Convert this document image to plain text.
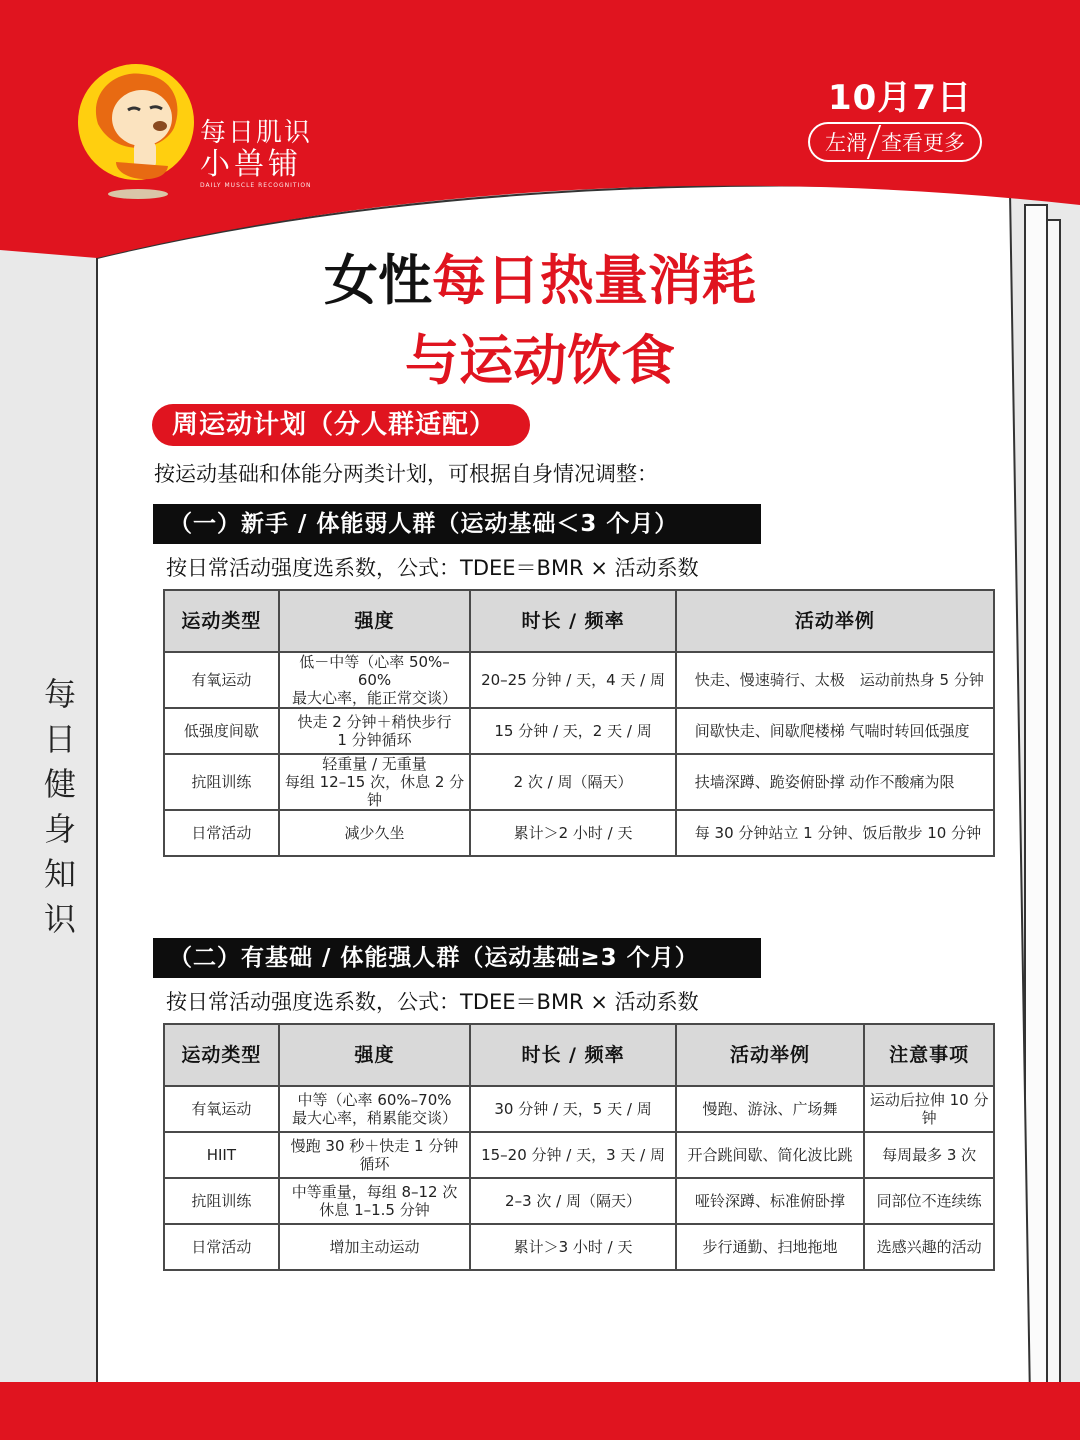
每日肌识
小兽铺
DAILY MUSCLE RECOGNITION
10月7日
左滑 查看更多
每
日
健
身
知
识
女性每日热量消耗
与运动饮食
周运动计划（分人群适配）
按运动基础和体能分两类计划，可根据自身情况调整：
（一）新手 / 体能弱人群（运动基础＜3 个月）
按日常活动强度选系数，公式：TDEE＝BMR × 活动系数
运动类型	强度	时长 / 频率	活动举例
有氧运动	低－中等（心率 50%–60%
最大心率，能正常交谈）	20–25 分钟 / 天，4 天 / 周	快走、慢速骑行、太极　运动前热身 5 分钟
低强度间歇	快走 2 分钟＋稍快步行
1 分钟循环	15 分钟 / 天，2 天 / 周	间歇快走、间歇爬楼梯 气喘时转回低强度
抗阻训练	轻重量 / 无重量
每组 12–15 次，休息 2 分钟	2 次 / 周（隔天）	扶墙深蹲、跪姿俯卧撑 动作不酸痛为限
日常活动	减少久坐	累计＞2 小时 / 天	每 30 分钟站立 1 分钟、饭后散步 10 分钟
（二）有基础 / 体能强人群（运动基础≥3 个月）
按日常活动强度选系数，公式：TDEE＝BMR × 活动系数
运动类型	强度	时长 / 频率	活动举例	注意事项
有氧运动	中等（心率 60%–70%
最大心率，稍累能交谈）	30 分钟 / 天，5 天 / 周	慢跑、游泳、广场舞	运动后拉伸 10 分钟
HIIT	慢跑 30 秒＋快走 1 分钟
循环	15–20 分钟 / 天，3 天 / 周	开合跳间歇、简化波比跳	每周最多 3 次
抗阻训练	中等重量，每组 8–12 次
休息 1–1.5 分钟	2–3 次 / 周（隔天）	哑铃深蹲、标准俯卧撑	同部位不连续练
日常活动	增加主动运动	累计＞3 小时 / 天	步行通勤、扫地拖地	选感兴趣的活动
